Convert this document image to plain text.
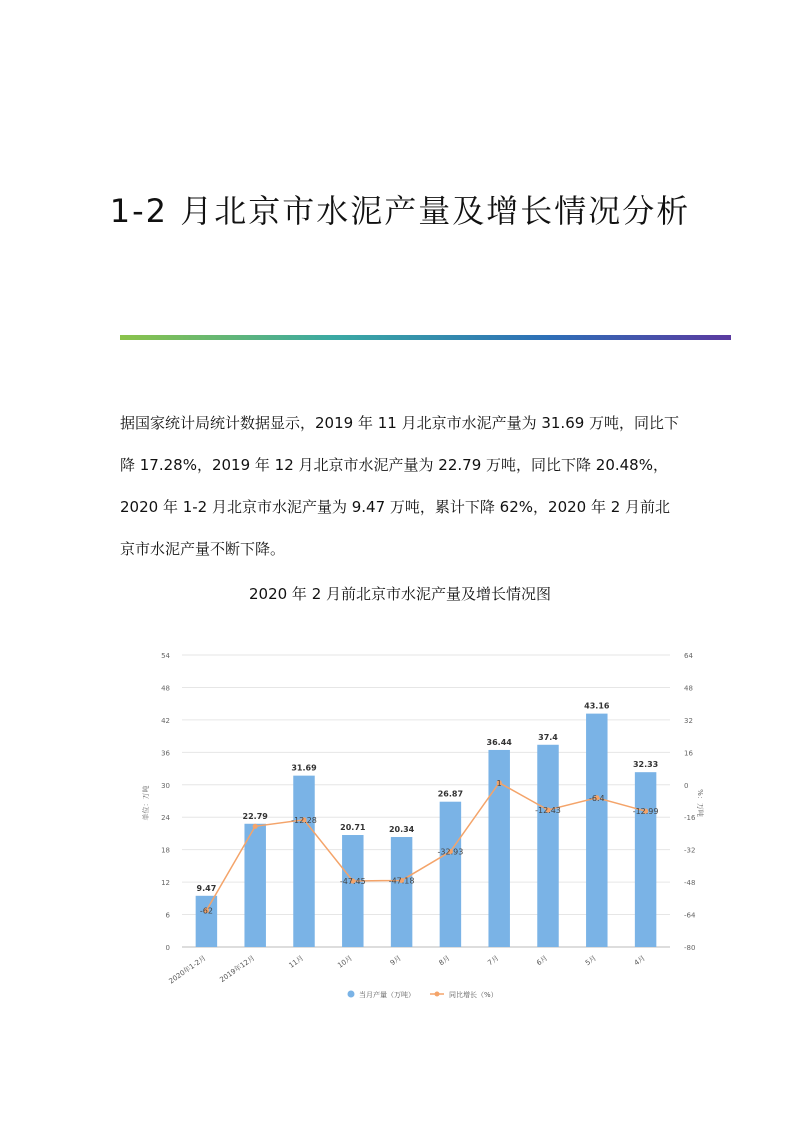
1-2 月北京市水泥产量及增长情况分析

据国家统计局统计数据显示，2019 年 11 月北京市水泥产量为 31.69 万吨，同比下降 17.28%，2019 年 12 月北京市水泥产量为 22.79 万吨，同比下降 20.48%，2020 年 1-2 月北京市水泥产量为 9.47 万吨，累计下降 62%，2020 年 2 月前北京市水泥产量不断下降。

2020 年 2 月前北京市水泥产量及增长情况图

0	-80
6	-64
12	-48
18	-32
24	-16
30	0
36	16
42	32
48	48
54	64
单位：万吨	%：万吨
9.47
22.79
31.69
20.71	20.34
26.87
36.44
37.4
43.16
32.33
2020年1-2月 2019年12月	11月	10月	9月	8月	7月	6月	5月	4月
-62
-12.28
-47.45	-47.18
-32.93
1
-12.43
-6.4
-12.99
当月产量（万吨）	同比增长（%）
